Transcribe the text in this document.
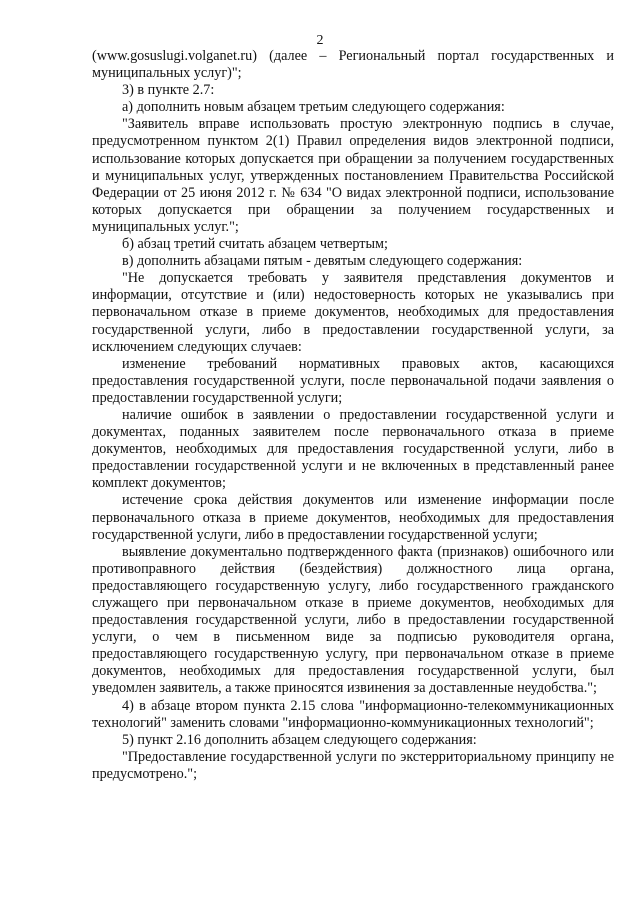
2

(www.gosuslugi.volganet.ru) (далее – Региональный портал государственных и муниципальных услуг)";

3) в пункте 2.7:

а) дополнить новым абзацем третьим следующего содержания:

"Заявитель вправе использовать простую электронную подпись в случае, предусмотренном пунктом 2(1) Правил определения видов электронной подписи, использование которых допускается при обращении за получением государственных и муниципальных услуг, утвержденных постановлением Правительства Российской Федерации от 25 июня 2012 г. № 634 "О видах электронной подписи, использование которых допускается при обращении за получением государственных и муниципальных услуг.";

б) абзац третий считать абзацем четвертым;

в) дополнить абзацами пятым - девятым следующего содержания:

"Не допускается требовать у заявителя представления документов и информации, отсутствие и (или) недостоверность которых не указывались при первоначальном отказе в приеме документов, необходимых для предоставления государственной услуги, либо в предоставлении государственной услуги, за исключением следующих случаев:

изменение требований нормативных правовых актов, касающихся предоставления государственной услуги, после первоначальной подачи заявления о предоставлении государственной услуги;

наличие ошибок в заявлении о предоставлении государственной услуги и документах, поданных заявителем после первоначального отказа в приеме документов, необходимых для предоставления государственной услуги, либо в предоставлении государственной услуги и не включенных в представленный ранее комплект документов;

истечение срока действия документов или изменение информации после первоначального отказа в приеме документов, необходимых для предоставления государственной услуги, либо в предоставлении государственной услуги;

выявление документально подтвержденного факта (признаков) ошибочного или противоправного действия (бездействия) должностного лица органа, предоставляющего государственную услугу, либо государственного гражданского служащего при первоначальном отказе в приеме документов, необходимых для предоставления государственной услуги, либо в предоставлении государственной услуги, о чем в письменном виде за подписью руководителя органа, предоставляющего государственную услугу, при первоначальном отказе в приеме документов, необходимых для предоставления государственной услуги, был уведомлен заявитель, а также приносятся извинения за доставленные неудобства.";

4) в абзаце втором пункта 2.15 слова "информационно-телекоммуникационных технологий" заменить словами "информационно-коммуникационных технологий";

5) пункт 2.16 дополнить абзацем следующего содержания:

"Предоставление государственной услуги по экстерриториальному принципу не предусмотрено.";
